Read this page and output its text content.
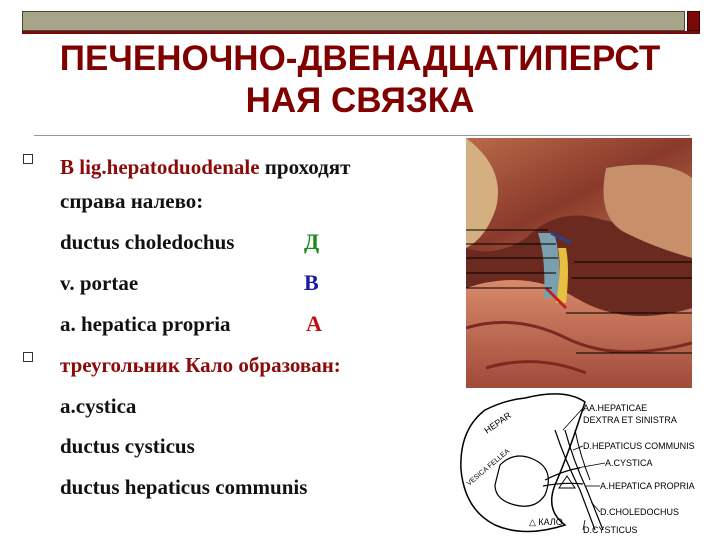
ПЕЧЕНОЧНО-ДВЕНАДЦАТИПЕРСТ
НАЯ СВЯЗКА
В lig.hepatoduodenale проходят
справа налево:
ductus choledochus	Д
v. portae	В
a. hepatica propria	А
треугольник Кало образован:
a.cystica
ductus cysticus
ductus hepaticus communis
HEPAR
VESICA FELLEA
△ КАЛО
AA.HEPATICAE
DEXTRA ET SINISTRA
D.HEPATICUS COMMUNIS
A.CYSTICA
A.HEPATICA PROPRIA
D.CHOLEDOCHUS
D.CYSTICUS
